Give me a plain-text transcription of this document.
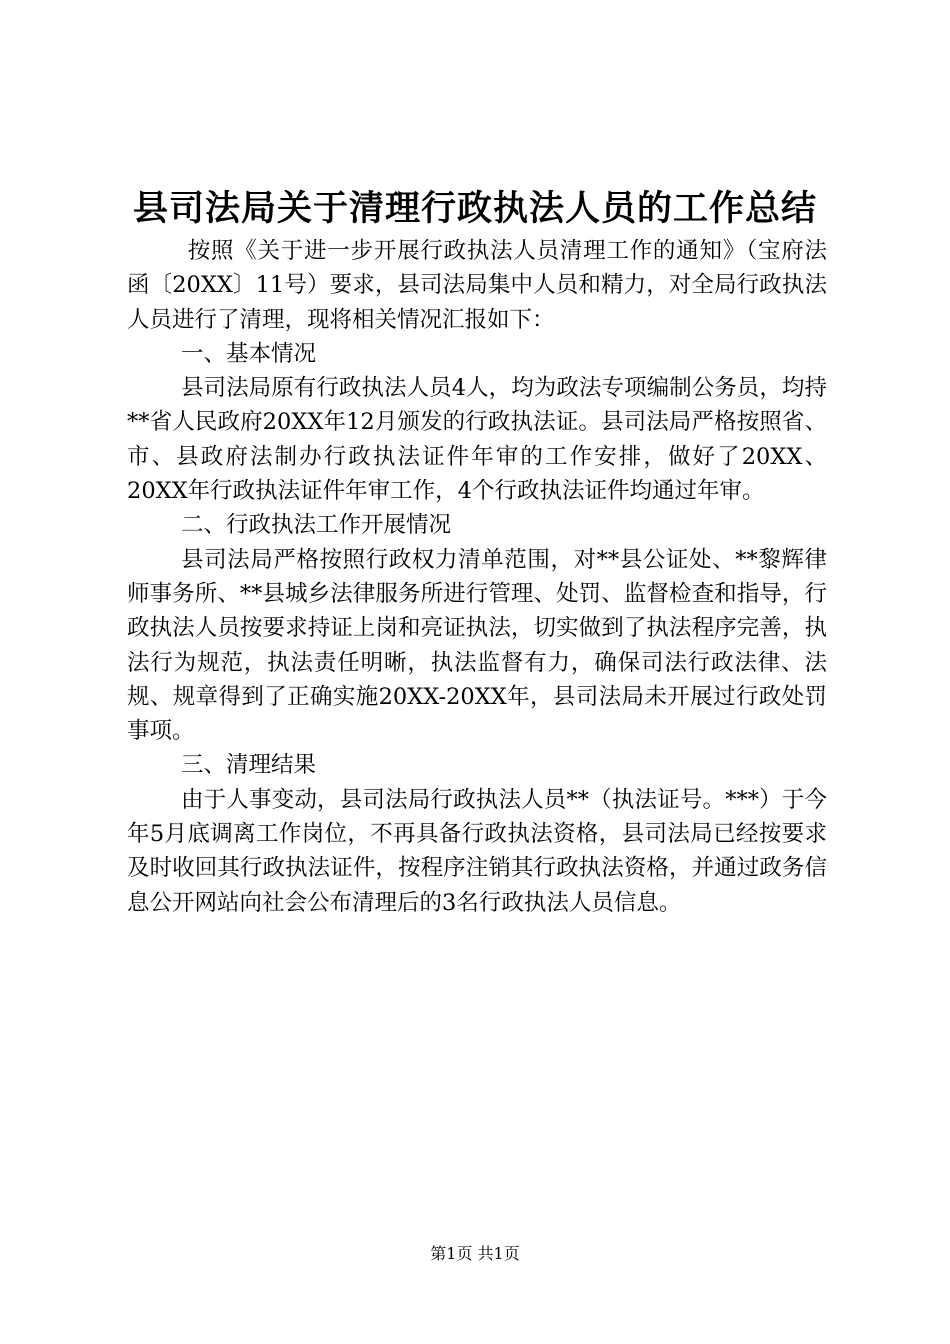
县司法局关于清理行政执法人员的工作总结

按照《关于进一步开展行政执法人员清理工作的通知》（宝府法函〔20XX〕11号）要求，县司法局集中人员和精力，对全局行政执法人员进行了清理，现将相关情况汇报如下：

一、基本情况

县司法局原有行政执法人员4人，均为政法专项编制公务员，均持**省人民政府20XX年12月颁发的行政执法证。县司法局严格按照省、市、县政府法制办行政执法证件年审的工作安排，做好了20XX、20XX年行政执法证件年审工作，4个行政执法证件均通过年审。

二、行政执法工作开展情况

县司法局严格按照行政权力清单范围，对**县公证处、**黎辉律师事务所、**县城乡法律服务所进行管理、处罚、监督检查和指导，行政执法人员按要求持证上岗和亮证执法，切实做到了执法程序完善，执法行为规范，执法责任明晰，执法监督有力，确保司法行政法律、法规、规章得到了正确实施20XX-20XX年，县司法局未开展过行政处罚事项。

三、清理结果

由于人事变动，县司法局行政执法人员**（执法证号。***）于今年5月底调离工作岗位，不再具备行政执法资格，县司法局已经按要求及时收回其行政执法证件，按程序注销其行政执法资格，并通过政务信息公开网站向社会公布清理后的3名行政执法人员信息。

第1页 共1页
